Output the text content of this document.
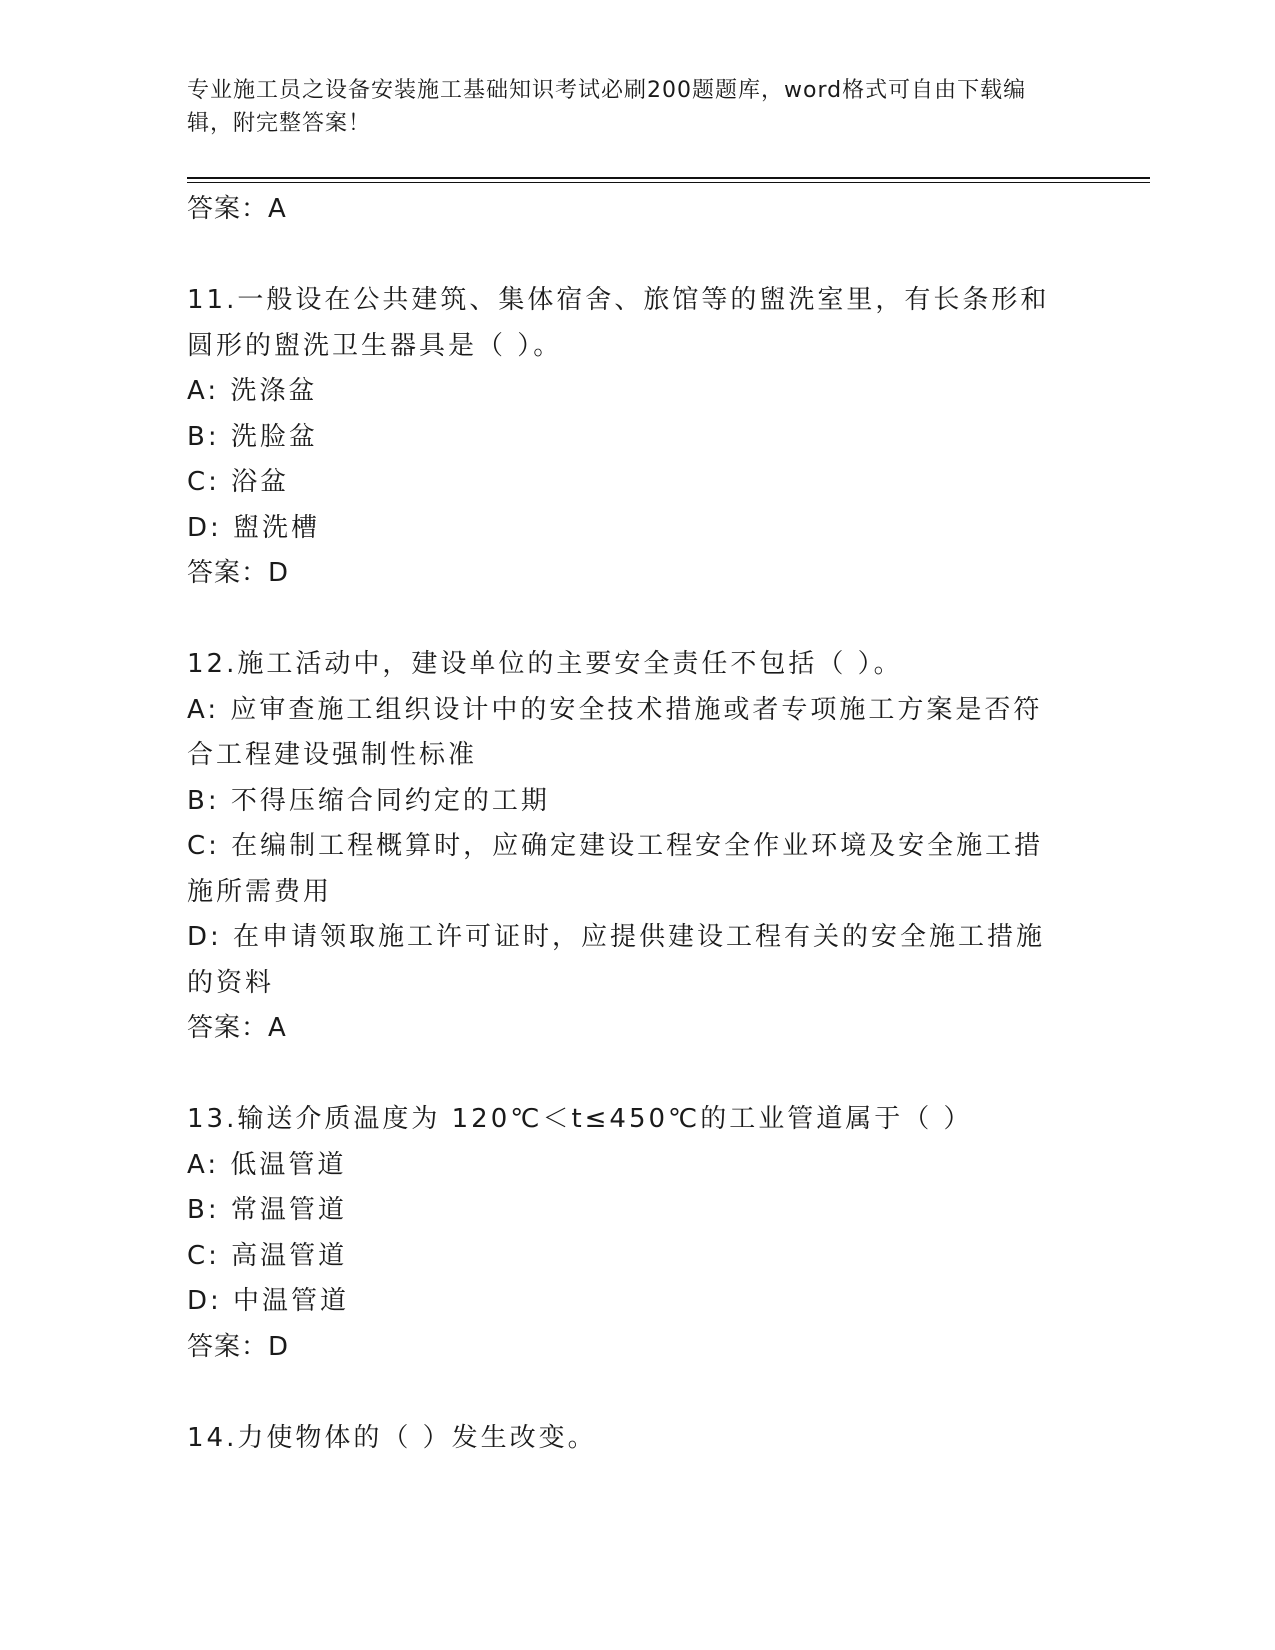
专业施工员之设备安装施工基础知识考试必刷200题题库，word格式可自由下载编辑，附完整答案！
答案：A
11.一般设在公共建筑、集体宿舍、旅馆等的盥洗室里，有长条形和圆形的盥洗卫生器具是（ ）。
A: 洗涤盆
B: 洗脸盆
C: 浴盆
D: 盥洗槽
答案：D
12.施工活动中，建设单位的主要安全责任不包括（ ）。
A: 应审查施工组织设计中的安全技术措施或者专项施工方案是否符合工程建设强制性标准
B: 不得压缩合同约定的工期
C: 在编制工程概算时，应确定建设工程安全作业环境及安全施工措施所需费用
D: 在申请领取施工许可证时，应提供建设工程有关的安全施工措施的资料
答案：A
13.输送介质温度为 120℃＜t≤450℃的工业管道属于（ ）
A: 低温管道
B: 常温管道
C: 高温管道
D: 中温管道
答案：D
14.力使物体的（ ）发生改变。
